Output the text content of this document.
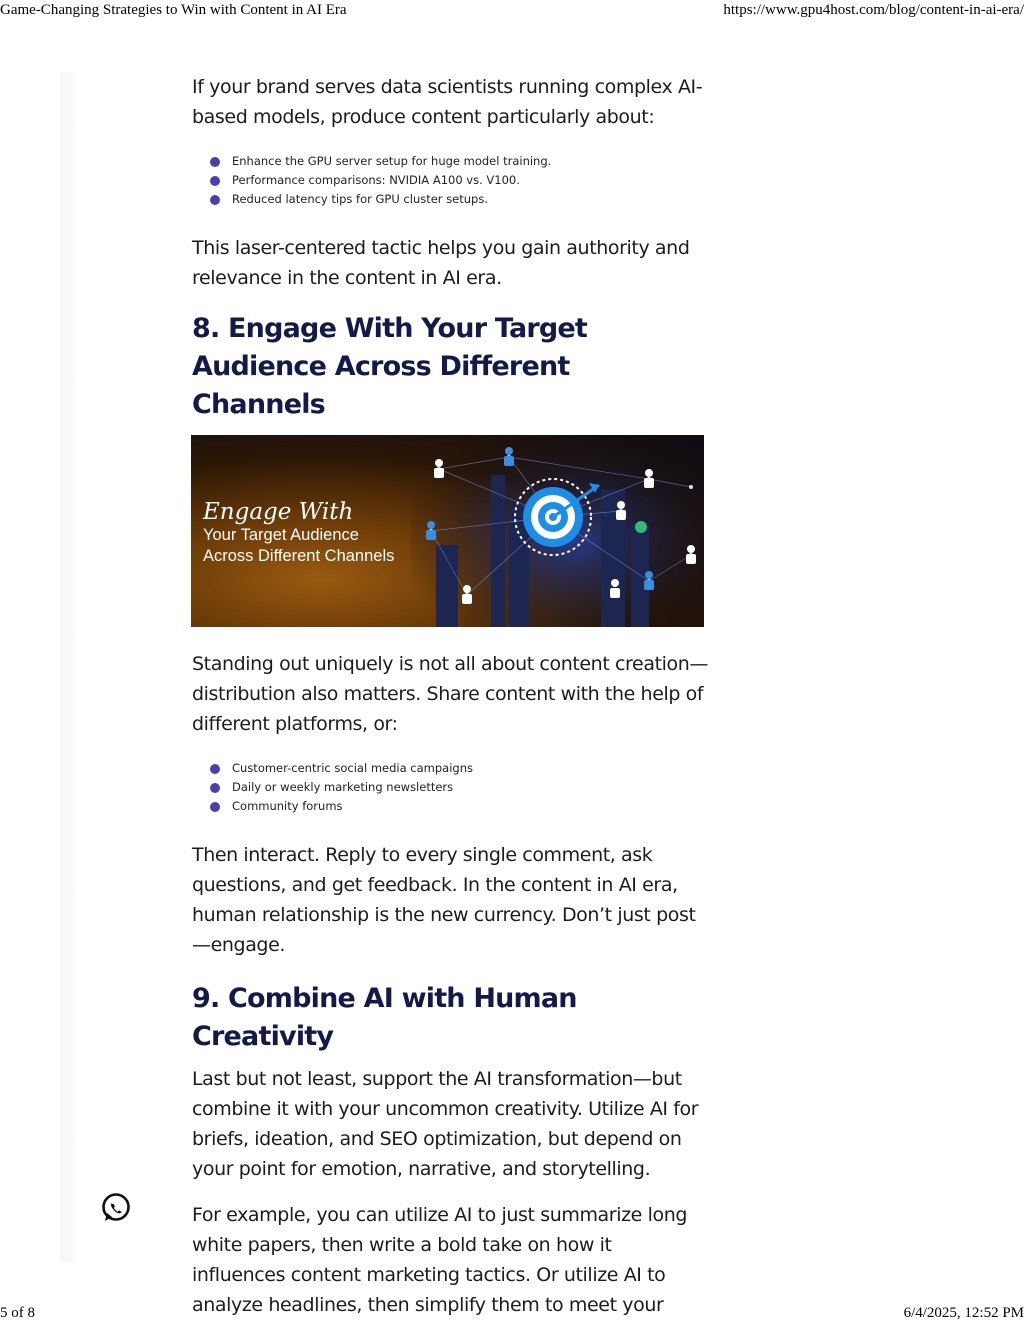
Game-Changing Strategies to Win with Content in AI Era	https://www.gpu4host.com/blog/content-in-ai-era/

If your brand serves data scientists running complex AI-based models, produce content particularly about:

Enhance the GPU server setup for huge model training.
Performance comparisons: NVIDIA A100 vs. V100.
Reduced latency tips for GPU cluster setups.

This laser-centered tactic helps you gain authority and relevance in the content in AI era.

8. Engage With Your Target Audience Across Different Channels
Engage With
Your Target Audience
Across Different Channels

Standing out uniquely is not all about content creation—distribution also matters. Share content with the help of different platforms, or:

Customer-centric social media campaigns
Daily or weekly marketing newsletters
Community forums

Then interact. Reply to every single comment, ask questions, and get feedback. In the content in AI era, human relationship is the new currency. Don’t just post—engage.

9. Combine AI with Human Creativity

Last but not least, support the AI transformation—but combine it with your uncommon creativity. Utilize AI for briefs, ideation, and SEO optimization, but depend on your point for emotion, narrative, and storytelling.

For example, you can utilize AI to just summarize long white papers, then write a bold take on how it influences content marketing tactics. Or utilize AI to analyze headlines, then simplify them to meet your

5 of 8	6/4/2025, 12:52 PM
